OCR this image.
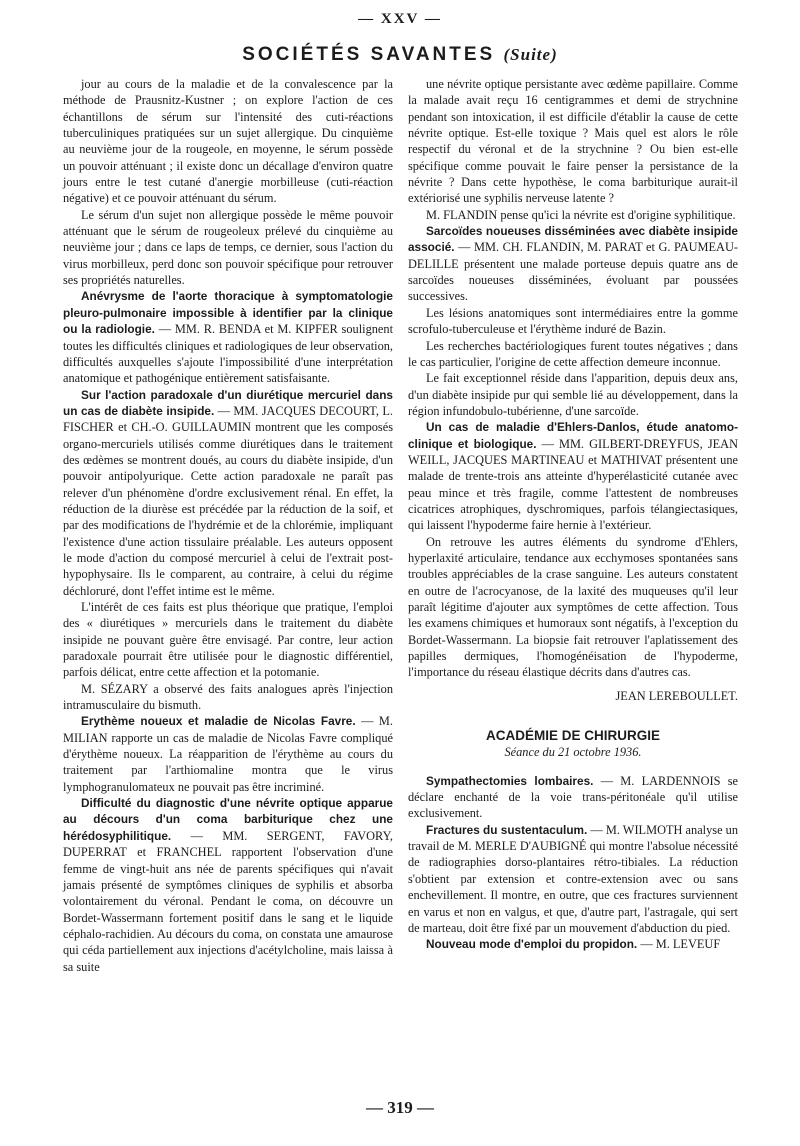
— XXV —
SOCIÉTÉS SAVANTES (Suite)

jour au cours de la maladie et de la convalescence par la méthode de Prausnitz-Kustner ; on explore l'action de ces échantillons de sérum sur l'intensité des cuti-réactions tuberculiniques pratiquées sur un sujet allergique. Du cinquième au neuvième jour de la rougeole, en moyenne, le sérum possède un pouvoir atténuant ; il existe donc un décallage d'environ quatre jours entre le test cutané d'anergie morbilleuse (cuti-réaction négative) et ce pouvoir atténuant du sérum.

Le sérum d'un sujet non allergique possède le même pouvoir atténuant que le sérum de rougeoleux prélevé du cinquième au neuvième jour ; dans ce laps de temps, ce dernier, sous l'action du virus morbilleux, perd donc son pouvoir spécifique pour retrouver ses propriétés naturelles.

Anévrysme de l'aorte thoracique à symptomatologie pleuro-pulmonaire impossible à identifier par la clinique ou la radiologie. — MM. R. BENDA et M. KIPFER soulignent toutes les difficultés cliniques et radiologiques de leur observation, difficultés auxquelles s'ajoute l'impossibilité d'une interprétation anatomique et pathogénique entièrement satisfaisante.

Sur l'action paradoxale d'un diurétique mercuriel dans un cas de diabète insipide. — MM. JACQUES DECOURT, L. FISCHER et CH.-O. GUILLAUMIN montrent que les composés organo-mercuriels utilisés comme diurétiques dans le traitement des œdèmes se montrent doués, au cours du diabète insipide, d'un pouvoir antipolyurique. Cette action paradoxale ne paraît pas relever d'un phénomène d'ordre exclusivement rénal. En effet, la réduction de la diurèse est précédée par la réduction de la soif, et par des modifications de l'hydrémie et de la chlorémie, impliquant l'existence d'une action tissulaire préalable. Les auteurs opposent le mode d'action du composé mercuriel à celui de l'extrait post-hypophysaire. Ils le comparent, au contraire, à celui du régime déchloruré, dont l'effet intime est le même.

L'intérêt de ces faits est plus théorique que pratique, l'emploi des « diurétiques » mercuriels dans le traitement du diabète insipide ne pouvant guère être envisagé. Par contre, leur action paradoxale pourrait être utilisée pour le diagnostic différentiel, parfois délicat, entre cette affection et la potomanie.

M. SÉZARY a observé des faits analogues après l'injection intramusculaire du bismuth.

Erythème noueux et maladie de Nicolas Favre. — M. MILIAN rapporte un cas de maladie de Nicolas Favre compliqué d'érythème noueux. La réapparition de l'érythème au cours du traitement par l'arthiomaline montra que le virus lymphogranulomateux ne pouvait pas être incriminé.

Difficulté du diagnostic d'une névrite optique apparue au décours d'un coma barbiturique chez une hérédosyphilitique. — MM. SERGENT, FAVORY, DUPERRAT et FRANCHEL rapportent l'observation d'une femme de vingt-huit ans née de parents spécifiques qui n'avait jamais présenté de symptômes cliniques de syphilis et absorba volontairement du véronal. Pendant le coma, on découvre un Bordet-Wassermann fortement positif dans le sang et le liquide céphalo-rachidien. Au décours du coma, on constata une amaurose qui céda partiellement aux injections d'acétylcholine, mais laissa à sa suite

une névrite optique persistante avec œdème papillaire. Comme la malade avait reçu 16 centigrammes et demi de strychnine pendant son intoxication, il est difficile d'établir la cause de cette névrite optique. Est-elle toxique ? Mais quel est alors le rôle respectif du véronal et de la strychnine ? Ou bien est-elle spécifique comme pouvait le faire penser la persistance de la névrite ? Dans cette hypothèse, le coma barbiturique aurait-il extériorisé une syphilis nerveuse latente ?

M. FLANDIN pense qu'ici la névrite est d'origine syphilitique.

Sarcoïdes noueuses disséminées avec diabète insipide associé. — MM. CH. FLANDIN, M. PARAT et G. PAUMEAU-DELILLE présentent une malade porteuse depuis quatre ans de sarcoïdes noueuses disséminées, évoluant par poussées successives.

Les lésions anatomiques sont intermédiaires entre la gomme scrofulo-tuberculeuse et l'érythème induré de Bazin.

Les recherches bactériologiques furent toutes négatives ; dans le cas particulier, l'origine de cette affection demeure inconnue.

Le fait exceptionnel réside dans l'apparition, depuis deux ans, d'un diabète insipide pur qui semble lié au développement, dans la région infundobulo-tubérienne, d'une sarcoïde.

Un cas de maladie d'Ehlers-Danlos, étude anatomo-clinique et biologique. — MM. GILBERT-DREYFUS, JEAN WEILL, JACQUES MARTINEAU et MATHIVAT présentent une malade de trente-trois ans atteinte d'hyperélasticité cutanée avec peau mince et très fragile, comme l'attestent de nombreuses cicatrices atrophiques, dyschromiques, parfois télangiectasiques, qui laissent l'hypoderme faire hernie à l'extérieur.

On retrouve les autres éléments du syndrome d'Ehlers, hyperlaxité articulaire, tendance aux ecchymoses spontanées sans troubles appréciables de la crase sanguine. Les auteurs constatent en outre de l'acrocyanose, de la laxité des muqueuses qu'il leur paraît légitime d'ajouter aux symptômes de cette affection. Tous les examens chimiques et humoraux sont négatifs, à l'exception du Bordet-Wassermann. La biopsie fait retrouver l'aplatissement des papilles dermiques, l'homogénéisation de l'hypoderme, l'importance du réseau élastique décrits dans d'autres cas.

JEAN LEREBOULLET.

ACADÉMIE DE CHIRURGIE

Séance du 21 octobre 1936.

Sympathectomies lombaires. — M. LARDENNOIS se déclare enchanté de la voie trans-péritonéale qu'il utilise exclusivement.

Fractures du sustentaculum. — M. WILMOTH analyse un travail de M. MERLE D'AUBIGNÉ qui montre l'absolue nécessité de radiographies dorso-plantaires rétro-tibiales. La réduction s'obtient par extension et contre-extension avec ou sans enchevillement. Il montre, en outre, que ces fractures surviennent en varus et non en valgus, et que, d'autre part, l'astragale, qui sert de marteau, doit être fixé par un mouvement d'abduction du pied.

Nouveau mode d'emploi du propidon. — M. LEVEUF

— 319 —
